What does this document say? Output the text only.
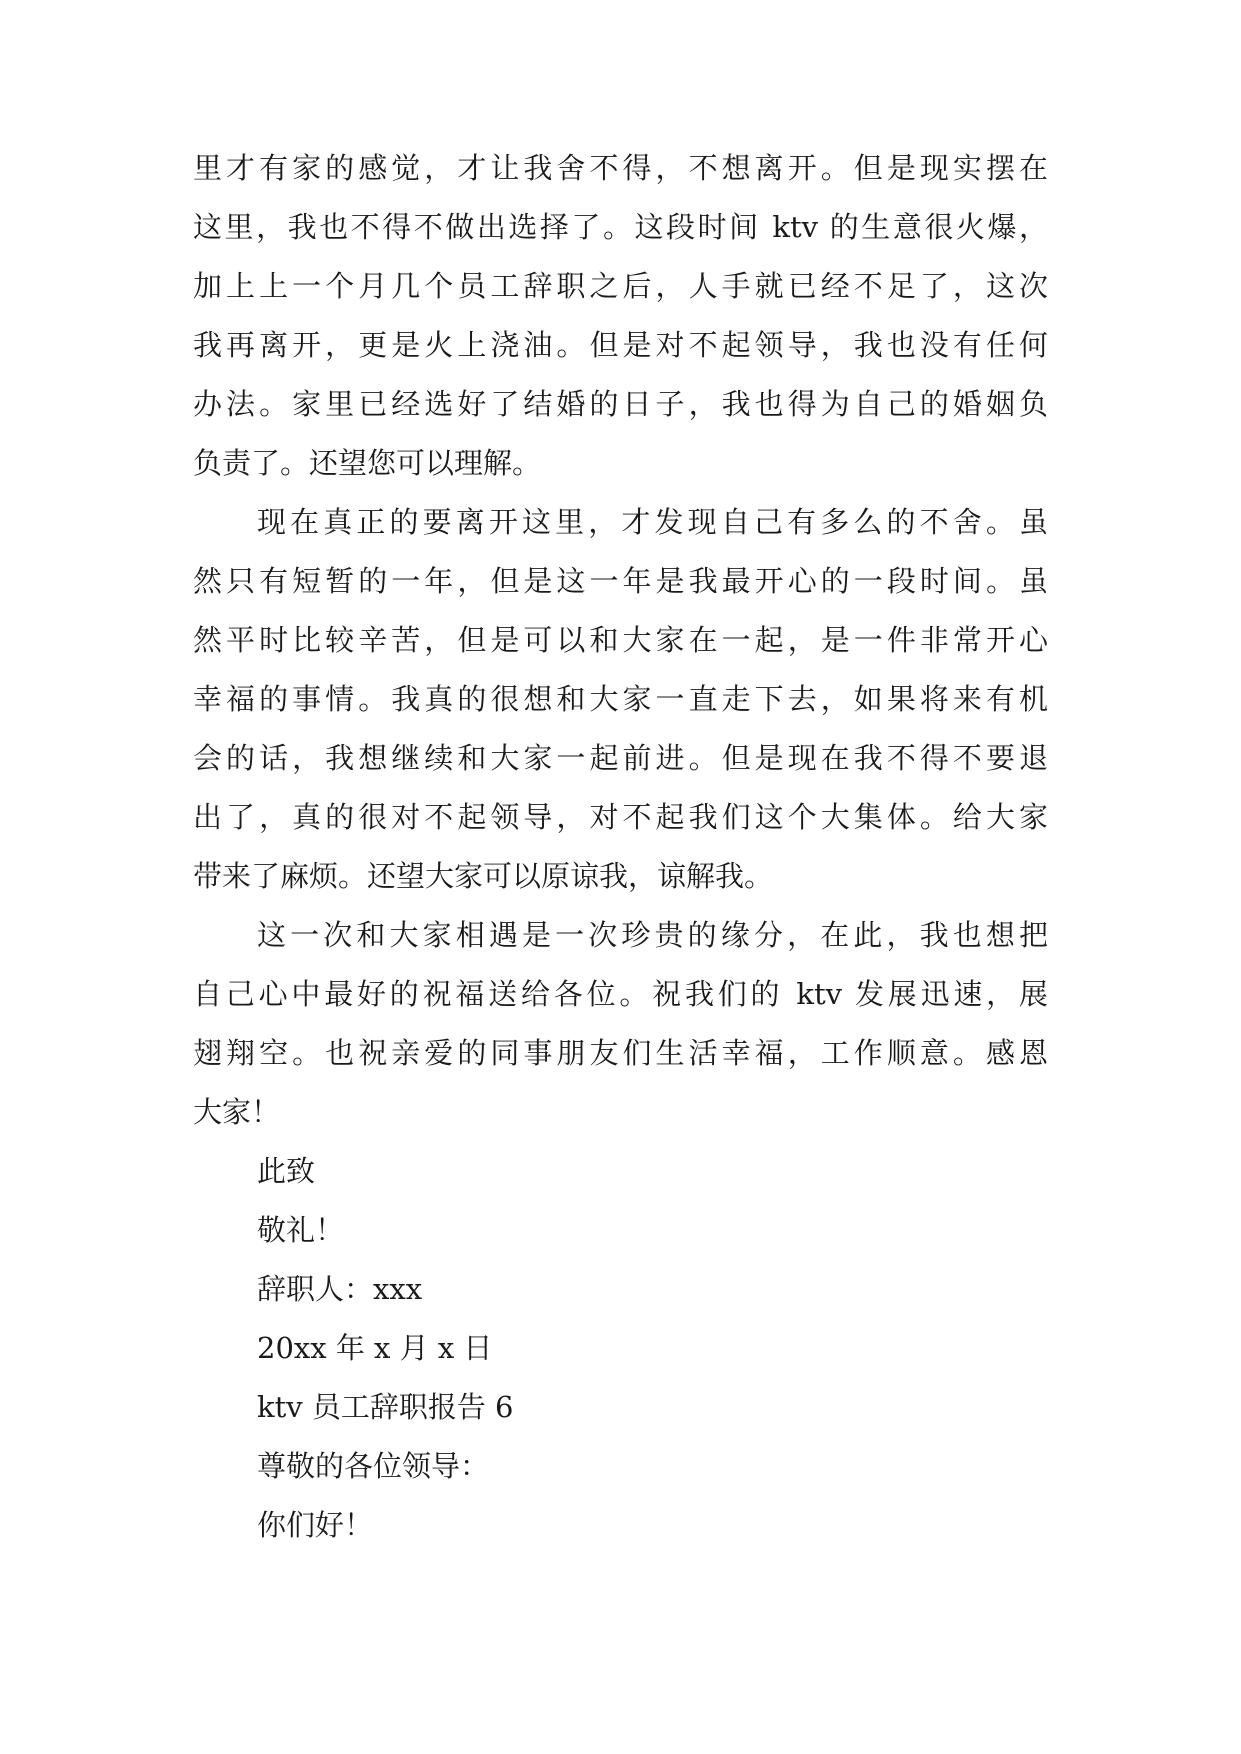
里才有家的感觉，才让我舍不得，不想离开。但是现实摆在
这里，我也不得不做出选择了。这段时间 ktv 的生意很火爆，
加上上一个月几个员工辞职之后，人手就已经不足了，这次
我再离开，更是火上浇油。但是对不起领导，我也没有任何
办法。家里已经选好了结婚的日子，我也得为自己的婚姻负
负责了。还望您可以理解。
现在真正的要离开这里，才发现自己有多么的不舍。虽
然只有短暂的一年，但是这一年是我最开心的一段时间。虽
然平时比较辛苦，但是可以和大家在一起，是一件非常开心
幸福的事情。我真的很想和大家一直走下去，如果将来有机
会的话，我想继续和大家一起前进。但是现在我不得不要退
出了，真的很对不起领导，对不起我们这个大集体。给大家
带来了麻烦。还望大家可以原谅我，谅解我。
这一次和大家相遇是一次珍贵的缘分，在此，我也想把
自己心中最好的祝福送给各位。祝我们的 ktv 发展迅速，展
翅翔空。也祝亲爱的同事朋友们生活幸福，工作顺意。感恩
大家！
此致
敬礼！
辞职人：xxx
20xx 年 x 月 x 日
ktv 员工辞职报告 6
尊敬的各位领导：
你们好！
